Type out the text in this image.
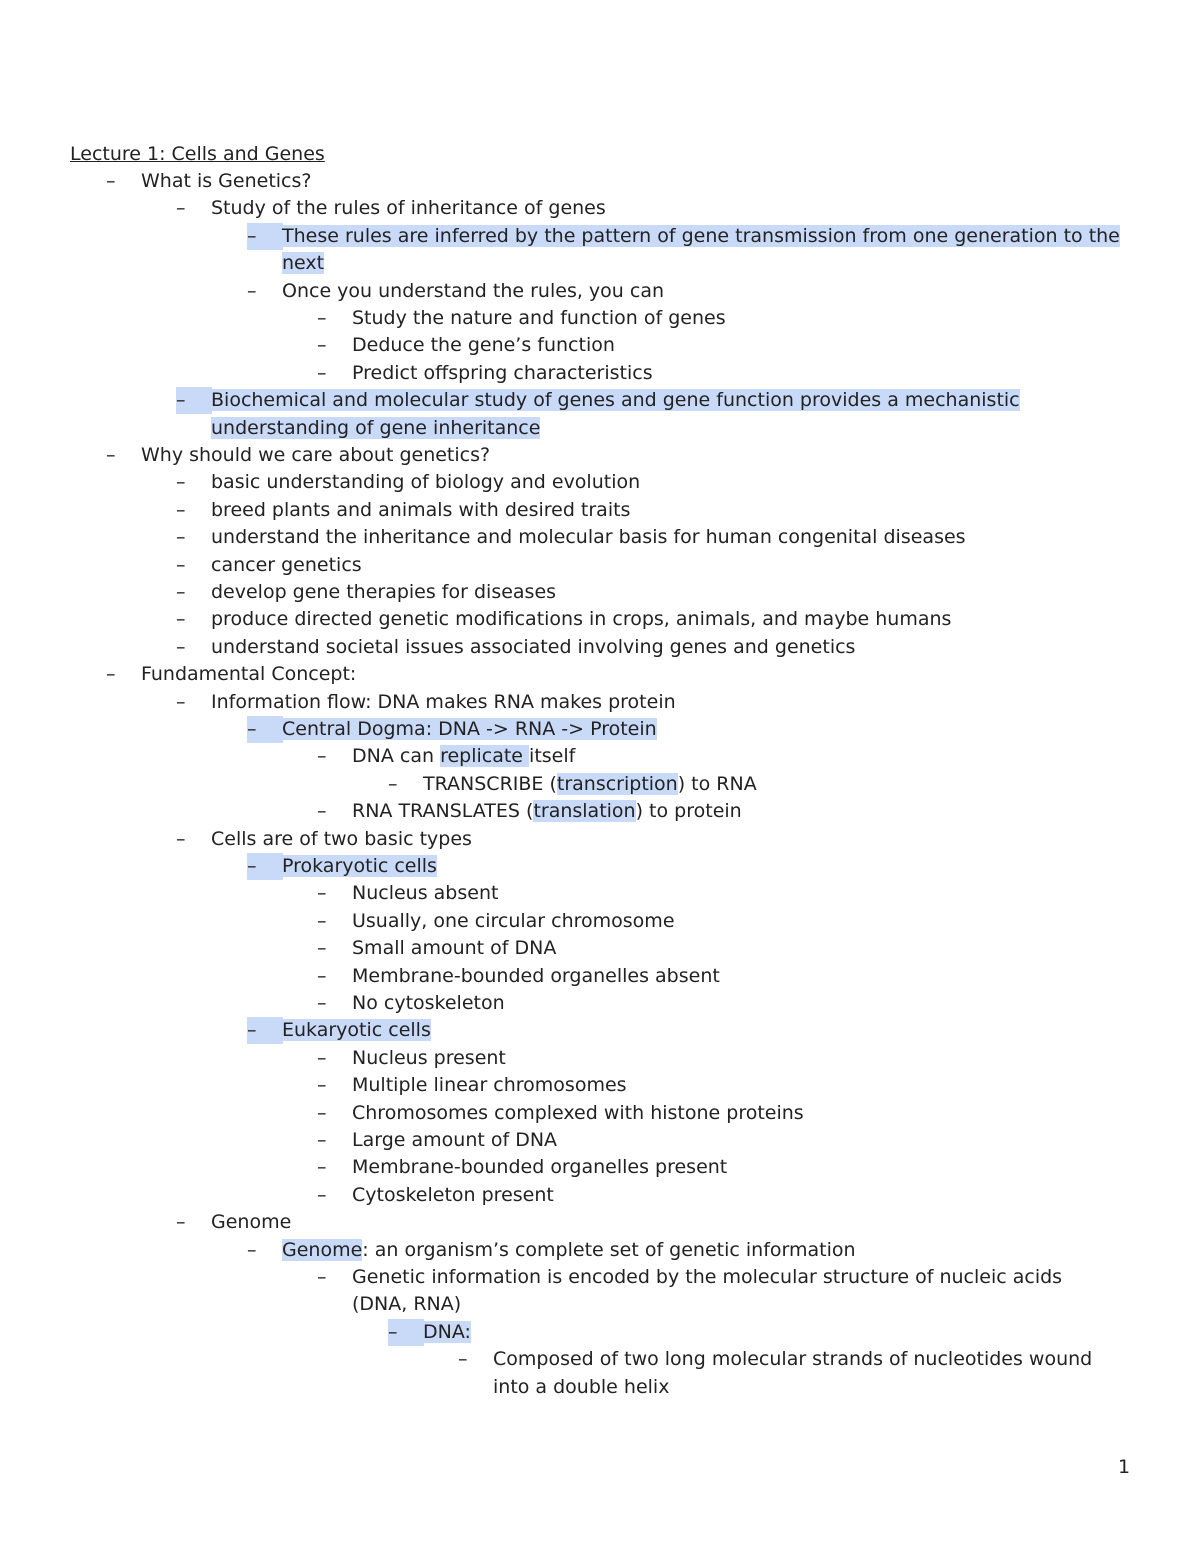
Lecture 1: Cells and Genes
–	What is Genetics?
–	Study of the rules of inheritance of genes
–	These rules are inferred by the pattern of gene transmission from one generation to the next
–	Once you understand the rules, you can
–	Study the nature and function of genes
–	Deduce the gene’s function
–	Predict offspring characteristics
–	Biochemical and molecular study of genes and gene function provides a mechanistic understanding of gene inheritance
–	Why should we care about genetics?
–	basic understanding of biology and evolution
–	breed plants and animals with desired traits
–	understand the inheritance and molecular basis for human congenital diseases
–	cancer genetics
–	develop gene therapies for diseases
–	produce directed genetic modifications in crops, animals, and maybe humans
–	understand societal issues associated involving genes and genetics
–	Fundamental Concept:
–	Information flow: DNA makes RNA makes protein
–	Central Dogma: DNA -> RNA -> Protein
–	DNA can replicate itself
–	TRANSCRIBE (transcription) to RNA
–	RNA TRANSLATES (translation) to protein
–	Cells are of two basic types
–	Prokaryotic cells
–	Nucleus absent
–	Usually, one circular chromosome
–	Small amount of DNA
–	Membrane-bounded organelles absent
–	No cytoskeleton
–	Eukaryotic cells
–	Nucleus present
–	Multiple linear chromosomes
–	Chromosomes complexed with histone proteins
–	Large amount of DNA
–	Membrane-bounded organelles present
–	Cytoskeleton present
–	Genome
–	Genome: an organism’s complete set of genetic information
–	Genetic information is encoded by the molecular structure of nucleic acids (DNA, RNA)
–	DNA:
–	Composed of two long molecular strands of nucleotides wound into a double helix
1
